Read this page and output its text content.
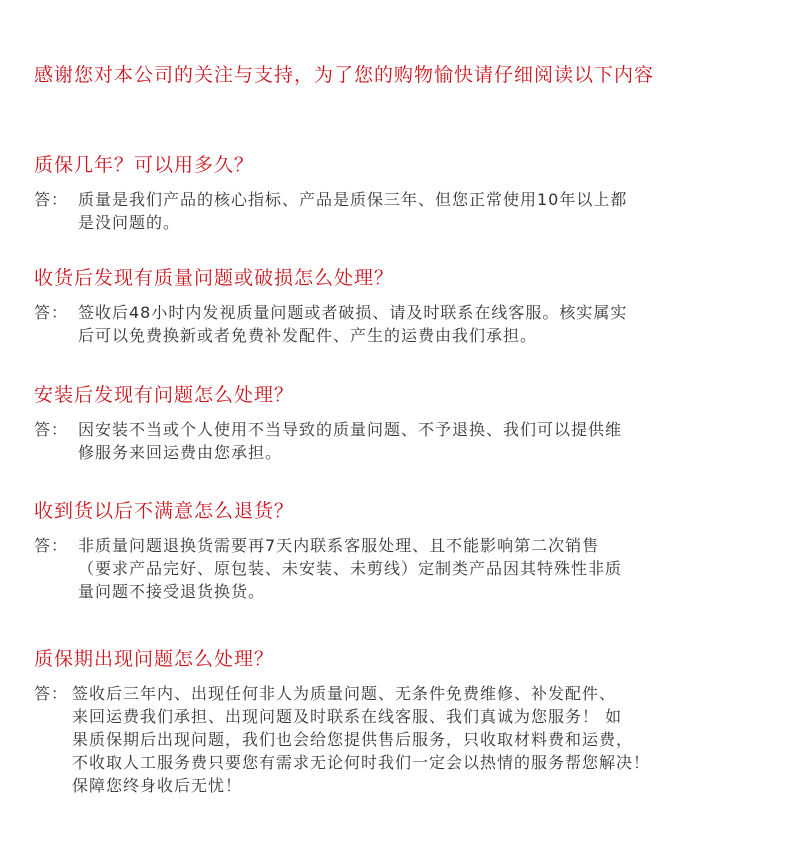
感谢您对本公司的关注与支持，为了您的购物愉快请仔细阅读以下内容
质保几年？可以用多久？
答： 质量是我们产品的核心指标、产品是质保三年、但您正常使用10年以上都
是没问题的。
收货后发现有质量问题或破损怎么处理？
答： 签收后48小时内发视质量问题或者破损、请及时联系在线客服。核实属实
后可以免费换新或者免费补发配件、产生的运费由我们承担。
安装后发现有问题怎么处理？
答： 因安装不当或个人使用不当导致的质量问题、不予退换、我们可以提供维
修服务来回运费由您承担。
收到货以后不满意怎么退货？
答： 非质量问题退换货需要再7天内联系客服处理、且不能影响第二次销售
（要求产品完好、原包装、未安装、未剪线）定制类产品因其特殊性非质
量问题不接受退货换货。
质保期出现问题怎么处理？
答： 签收后三年内、出现任何非人为质量问题、无条件免费维修、补发配件、
来回运费我们承担、出现问题及时联系在线客服、我们真诚为您服务！ 如
果质保期后出现问题，我们也会给您提供售后服务，只收取材料费和运费，
不收取人工服务费只要您有需求无论何时我们一定会以热情的服务帮您解决！
保障您终身收后无忧！
